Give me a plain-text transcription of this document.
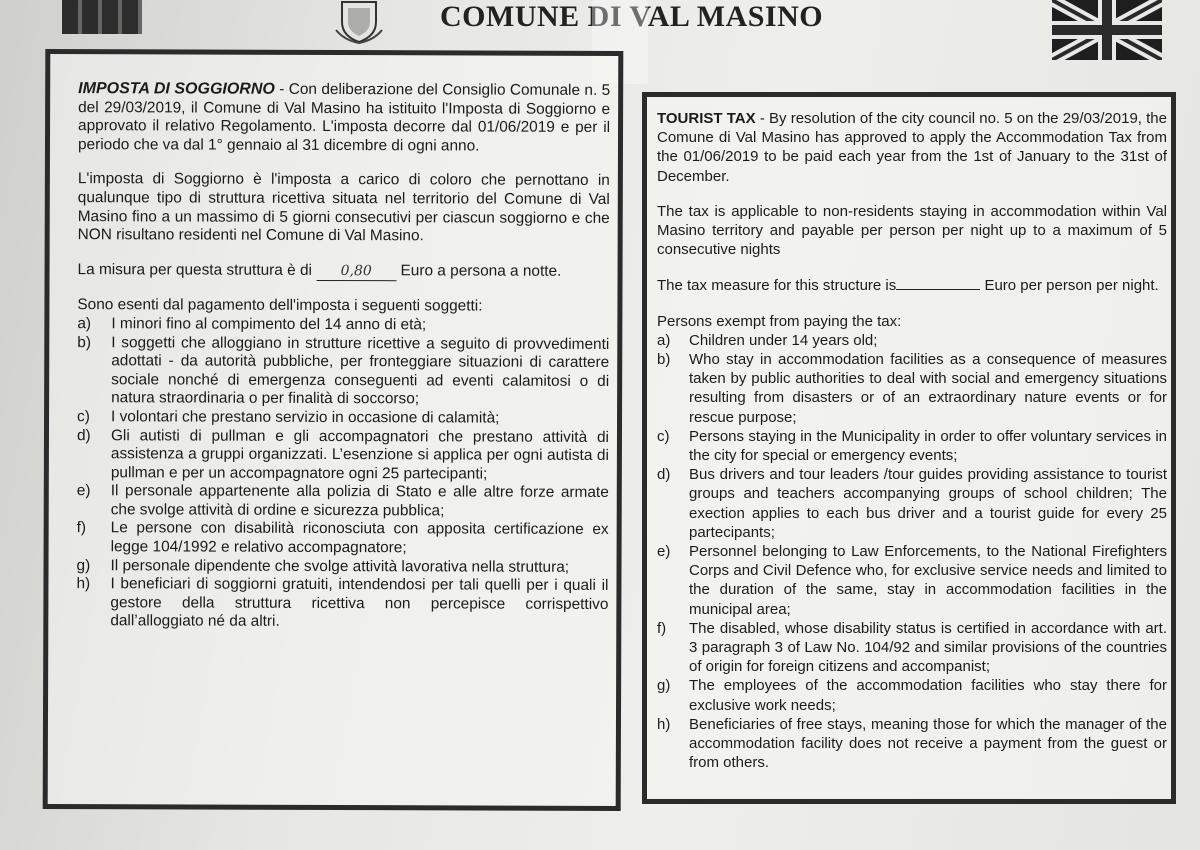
COMUNE DI VAL MASINO

IMPOSTA DI SOGGIORNO - Con deliberazione del Consiglio Comunale n. 5 del 29/03/2019, il Comune di Val Masino ha istituito l'Imposta di Soggiorno e approvato il relativo Regolamento. L'imposta decorre dal 01/06/2019 e per il periodo che va dal 1° gennaio al 31 dicembre di ogni anno.

L'imposta di Soggiorno è l'imposta a carico di coloro che pernottano in qualunque tipo di struttura ricettiva situata nel territorio del Comune di Val Masino fino a un massimo di 5 giorni consecutivi per ciascun soggiorno e che NON risultano residenti nel Comune di Val Masino.

La misura per questa struttura è di 0,80 Euro a persona a notte.

Sono esenti dal pagamento dell'imposta i seguenti soggetti:
a)	I minori fino al compimento del 14 anno di età;
b)	I soggetti che alloggiano in strutture ricettive a seguito di provvedimenti adottati - da autorità pubbliche, per fronteggiare situazioni di carattere sociale nonché di emergenza conseguenti ad eventi calamitosi o di natura straordinaria o per finalità di soccorso;
c)	I volontari che prestano servizio in occasione di calamità;
d)	Gli autisti di pullman e gli accompagnatori che prestano attività di assistenza a gruppi organizzati. L’esenzione si applica per ogni autista di pullman e per un accompagnatore ogni 25 partecipanti;
e)	Il personale appartenente alla polizia di Stato e alle altre forze armate che svolge attività di ordine e sicurezza pubblica;
f)	Le persone con disabilità riconosciuta con apposita certificazione ex legge 104/1992 e relativo accompagnatore;
g)	Il personale dipendente che svolge attività lavorativa nella struttura;
h)	I beneficiari di soggiorni gratuiti, intendendosi per tali quelli per i quali il gestore della struttura ricettiva non percepisce corrispettivo dall’alloggiato né da altri.

TOURIST TAX - By resolution of the city council no. 5 on the 29/03/2019, the Comune di Val Masino has approved to apply the Accommodation Tax from the 01/06/2019 to be paid each year from the 1st of January to the 31st of December.

The tax is applicable to non-residents staying in accommodation within Val Masino territory and payable per person per night up to a maximum of 5 consecutive nights

The tax measure for this structure is	Euro per person per night.

Persons exempt from paying the tax:
a)	Children under 14 years old;
b)	Who stay in accommodation facilities as a consequence of measures taken by public authorities to deal with social and emergency situations resulting from disasters or of an extraordinary nature events or for rescue purpose;
c)	Persons staying in the Municipality in order to offer voluntary services in the city for special or emergency events;
d)	Bus drivers and tour leaders /tour guides providing assistance to tourist groups and teachers accompanying groups of school children; The exection applies to each bus driver and a tourist guide for every 25 partecipants;
e)	Personnel belonging to Law Enforcements, to the National Firefighters Corps and Civil Defence who, for exclusive service needs and limited to the duration of the same, stay in accommodation facilities in the municipal area;
f)	The disabled, whose disability status is certified in accordance with art. 3 paragraph 3 of Law No. 104/92 and similar provisions of the countries of origin for foreign citizens and accompanist;
g)	The employees of the accommodation facilities who stay there for exclusive work needs;
h)	Beneficiaries of free stays, meaning those for which the manager of the accommodation facility does not receive a payment from the guest or from others.
